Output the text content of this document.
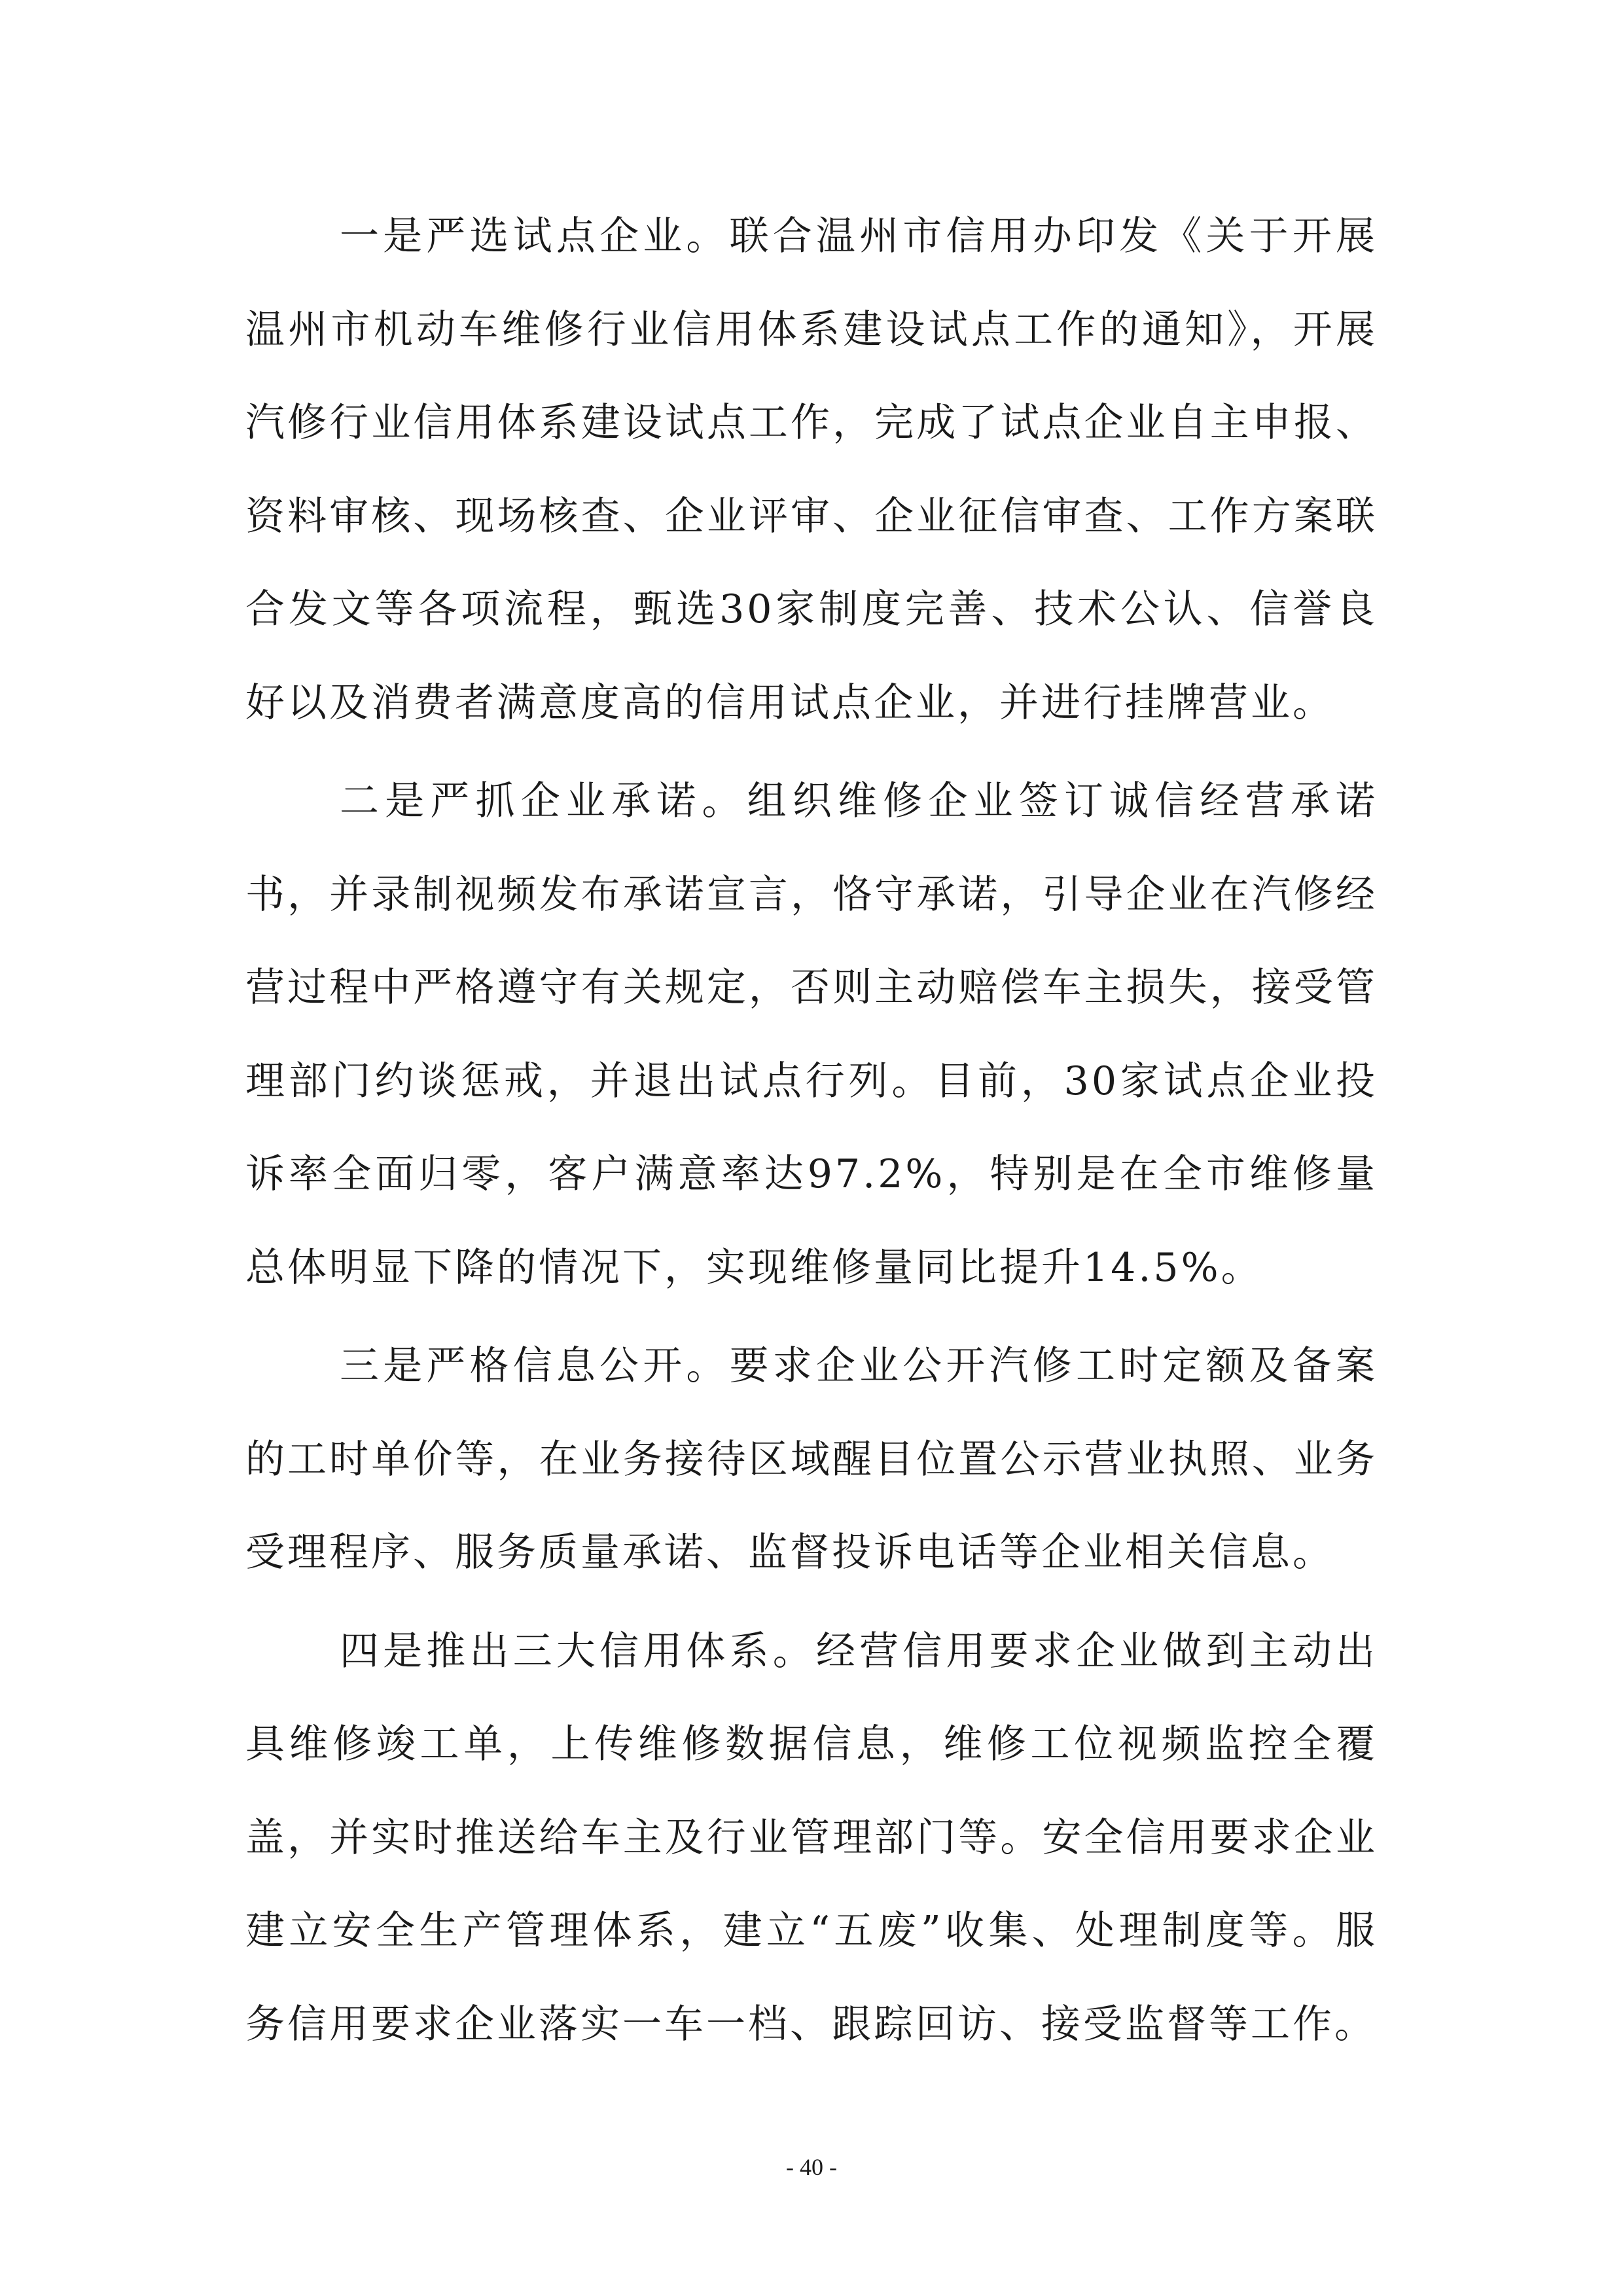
一是严选试点企业。联合温州市信用办印发《关于开展温州市机动车维修行业信用体系建设试点工作的通知》，开展汽修行业信用体系建设试点工作，完成了试点企业自主申报、资料审核、现场核查、企业评审、企业征信审查、工作方案联合发文等各项流程，甄选30家制度完善、技术公认、信誉良好以及消费者满意度高的信用试点企业，并进行挂牌营业。

二是严抓企业承诺。组织维修企业签订诚信经营承诺书，并录制视频发布承诺宣言，恪守承诺，引导企业在汽修经营过程中严格遵守有关规定，否则主动赔偿车主损失，接受管理部门约谈惩戒，并退出试点行列。目前，30家试点企业投诉率全面归零，客户满意率达97.2%，特别是在全市维修量总体明显下降的情况下，实现维修量同比提升14.5%。

三是严格信息公开。要求企业公开汽修工时定额及备案的工时单价等，在业务接待区域醒目位置公示营业执照、业务受理程序、服务质量承诺、监督投诉电话等企业相关信息。

四是推出三大信用体系。经营信用要求企业做到主动出具维修竣工单，上传维修数据信息，维修工位视频监控全覆盖，并实时推送给车主及行业管理部门等。安全信用要求企业建立安全生产管理体系，建立“五废”收集、处理制度等。服务信用要求企业落实一车一档、跟踪回访、接受监督等工作。

- 40 -
